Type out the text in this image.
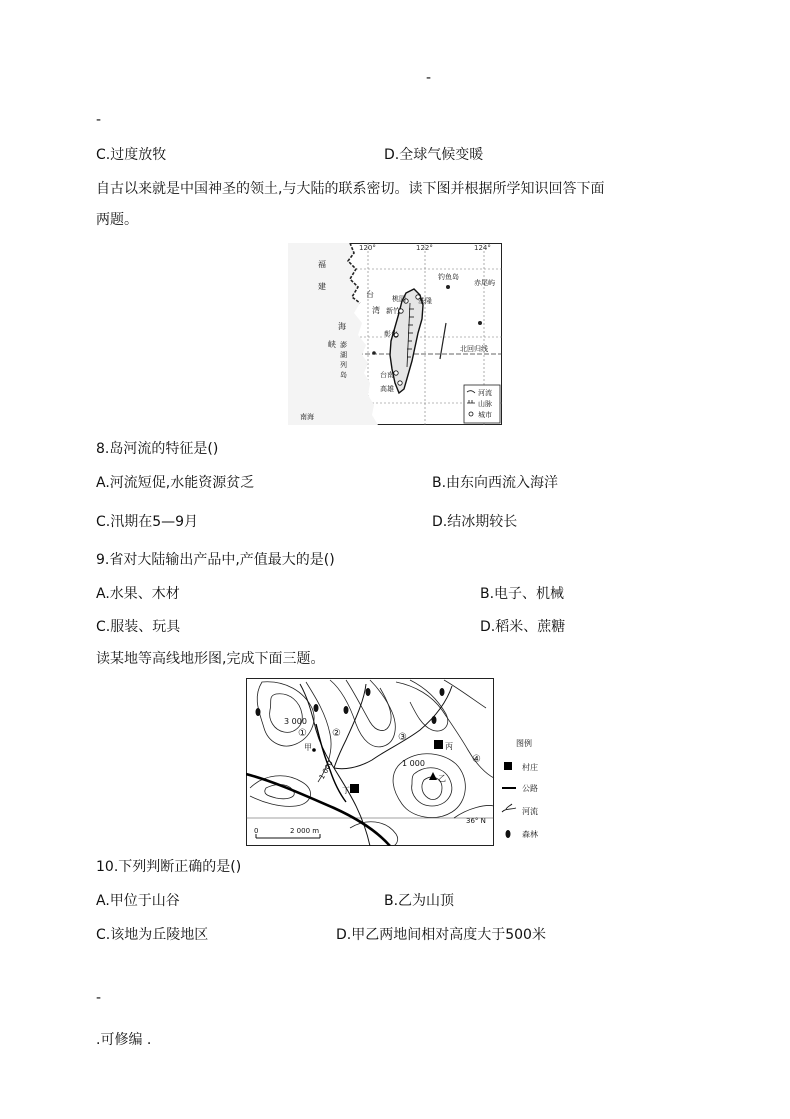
-
-
C.过度放牧	D.全球气候变暖
自古以来就是中国神圣的领土,与大陆的联系密切。读下图并根据所学知识回答下面
两题。
120°	122°	124°
福
建
台
湾
海
峡 澎
湖
列
岛
钓鱼岛
赤尾屿
桃园 基隆
新竹
彰化
台南
高雄
南海
北回归线
河流
山脉
城市
8.岛河流的特征是()
A.河流短促,水能资源贫乏	B.由东向西流入海洋
C.汛期在5—9月	D.结冰期较长
9.省对大陆输出产品中,产值最大的是()
A.水果、木材	B.电子、机械
C.服装、玩具	D.稻米、蔗糖
读某地等高线地形图,完成下面三题。
3 000
1 000
1 000
甲
乙
丙
丁
①	②	③
④
36° N
0	2 000 m
图例
村庄
公路
河流
森林
10.下列判断正确的是()
A.甲位于山谷	B.乙为山顶
C.该地为丘陵地区	D.甲乙两地间相对高度大于500米
-
.可修编 .
